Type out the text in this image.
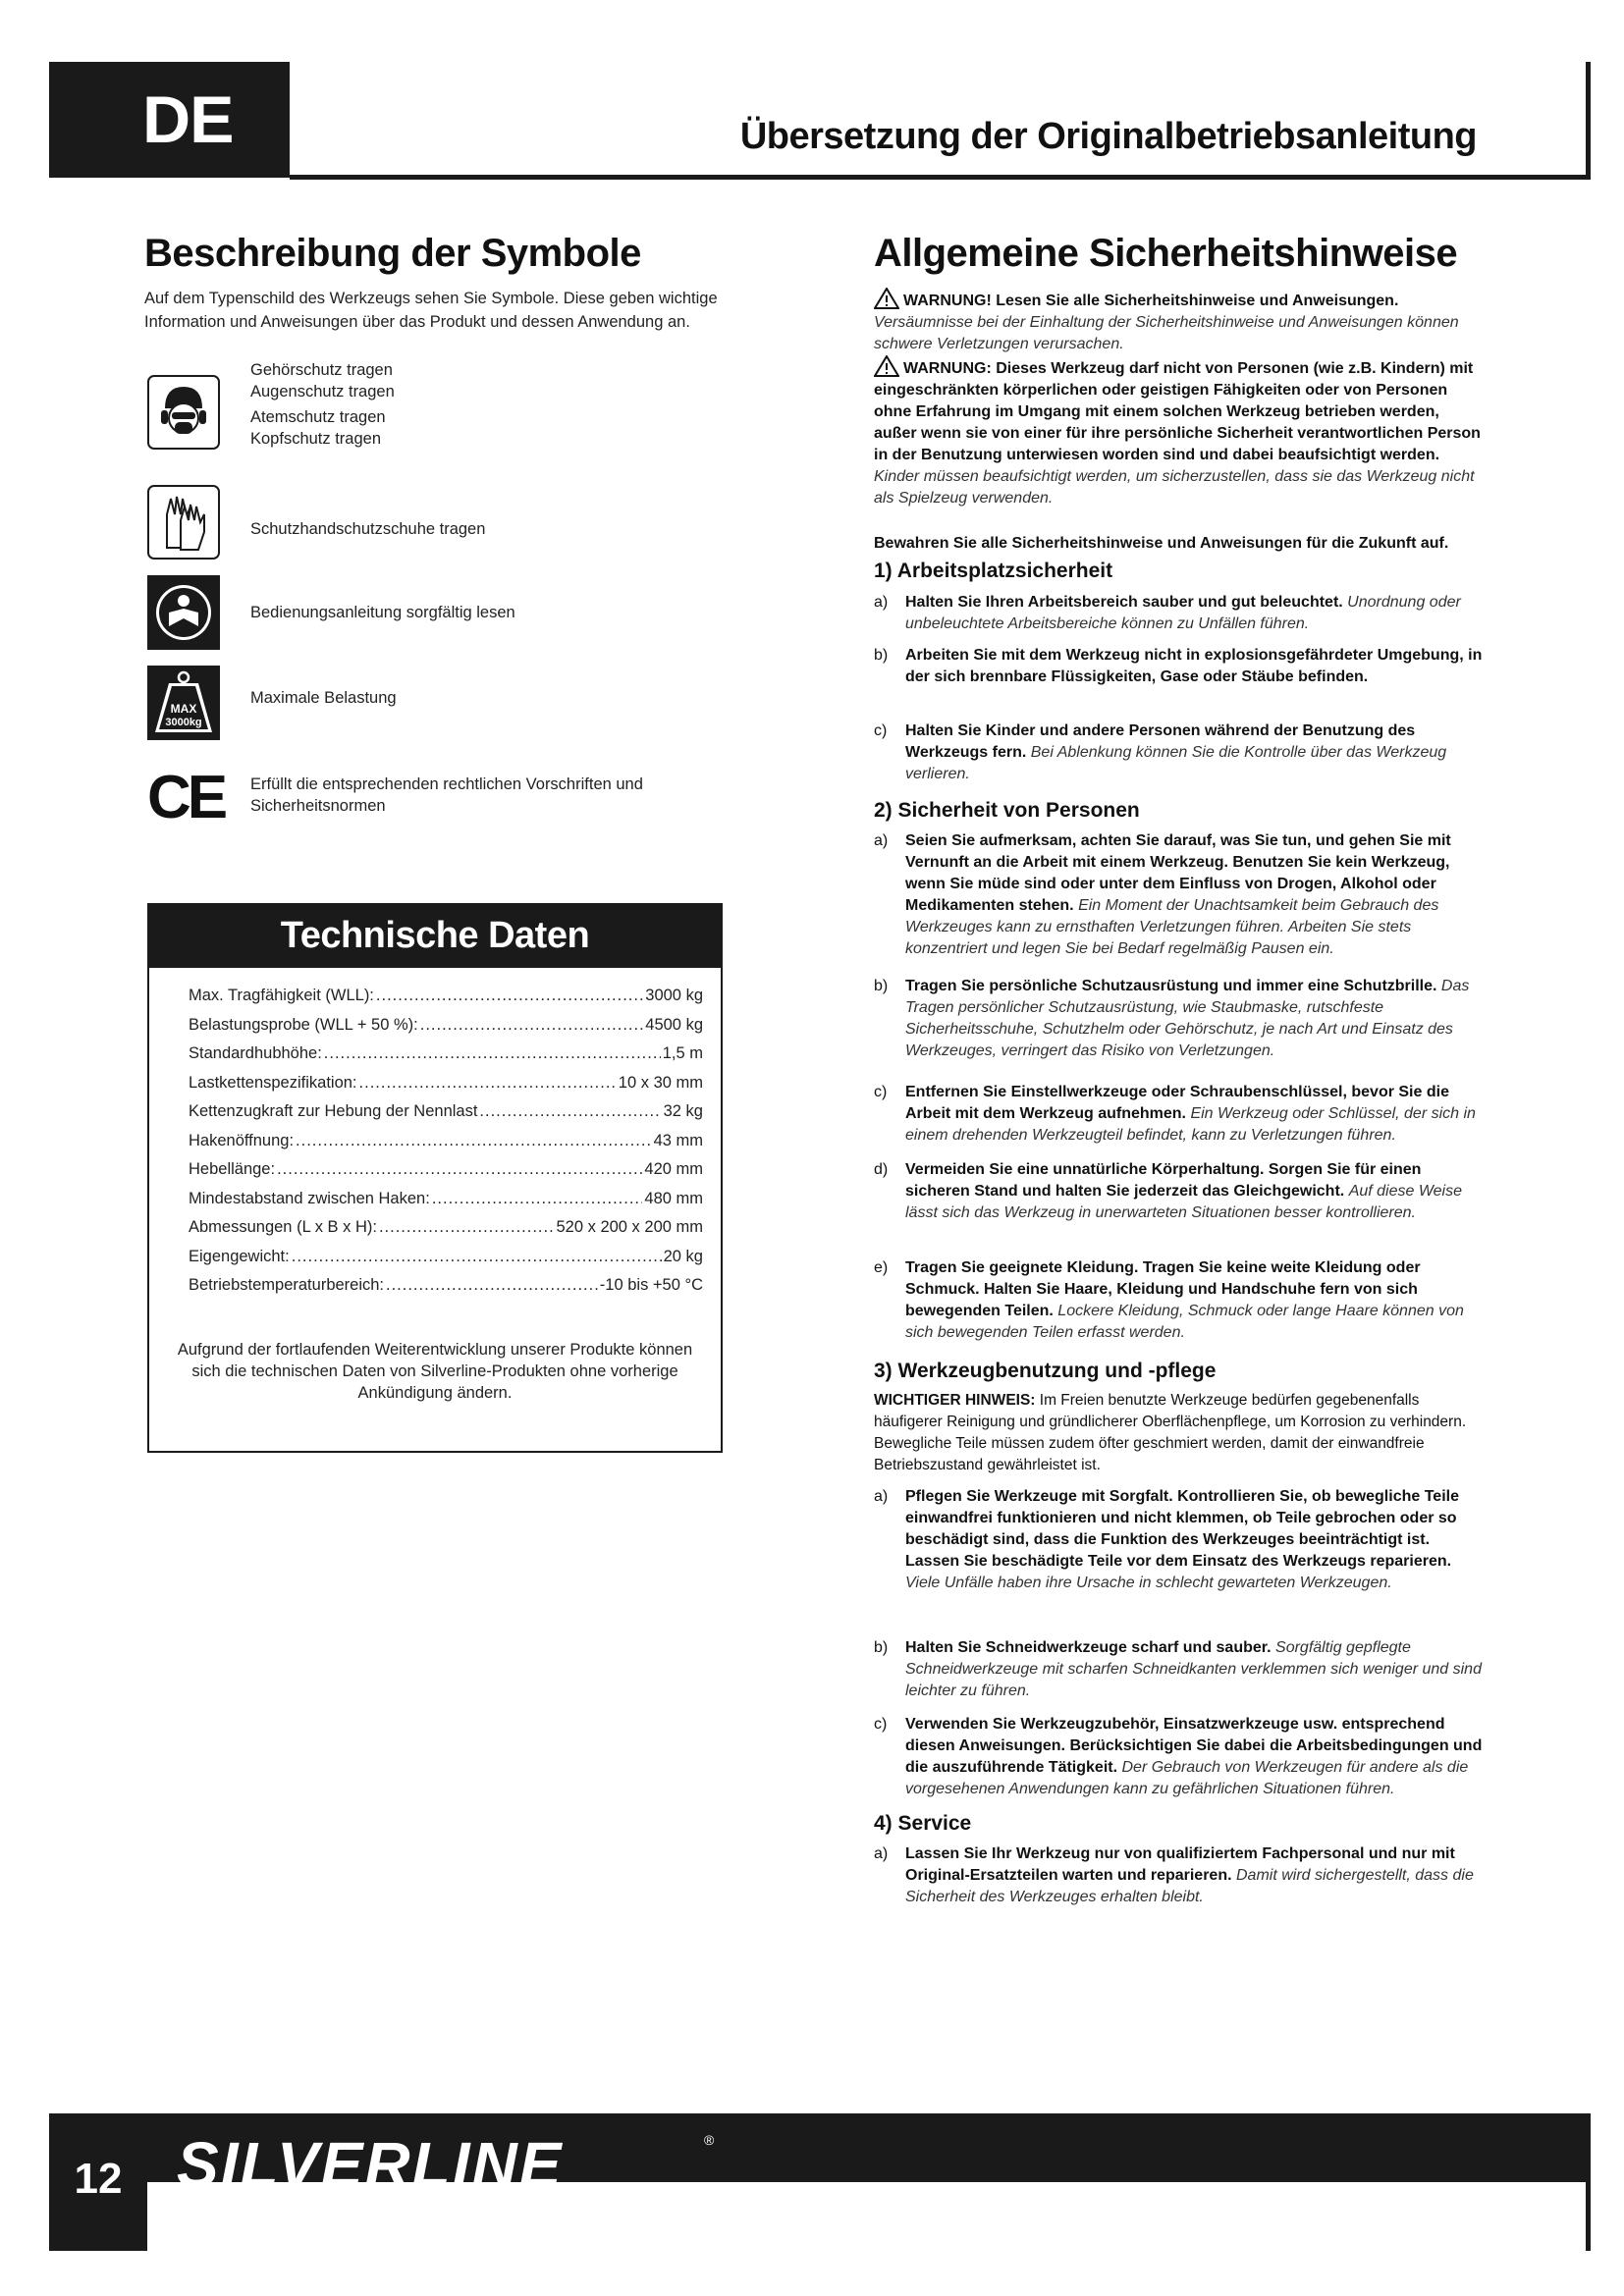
DE	Übersetzung der Originalbetriebsanleitung
Beschreibung der Symbole
Auf dem Typenschild des Werkzeugs sehen Sie Symbole. Diese geben wichtige Information und Anweisungen über das Produkt und dessen Anwendung an.
Gehörschutz tragen
Augenschutz tragen
Atemschutz tragen
Kopfschutz tragen
Schutzhandschutzschuhe tragen
Bedienungsanleitung sorgfältig lesen
MAX
3000kg
Maximale Belastung
CE Erfüllt die entsprechenden rechtlichen Vorschriften und Sicherheitsnormen
Technische Daten
Max. Tragfähigkeit (WLL): .....	3000 kg
Belastungsprobe (WLL + 50 %): .....	4500 kg
Standardhubhöhe: .....	1,5 m
Lastkettenspezifikation: .....	10 x 30 mm
Kettenzugkraft zur Hebung der Nennlast .....	32 kg
Hakenöffnung: .....	43 mm
Hebellänge: .....	420 mm
Mindestabstand zwischen Haken: .....	480 mm
Abmessungen (L x B x H): .....	520 x 200 x 200 mm
Eigengewicht: .....	20 kg
Betriebstemperaturbereich: .....	-10 bis +50 °C
Aufgrund der fortlaufenden Weiterentwicklung unserer Produkte können sich die technischen Daten von Silverline-Produkten ohne vorherige Ankündigung ändern.
Allgemeine Sicherheitshinweise
WARNUNG! Lesen Sie alle Sicherheitshinweise und Anweisungen.
Versäumnisse bei der Einhaltung der Sicherheitshinweise und Anweisungen können schwere Verletzungen verursachen.
WARNUNG: Dieses Werkzeug darf nicht von Personen (wie z.B. Kindern) mit eingeschränkten körperlichen oder geistigen Fähigkeiten oder von Personen ohne Erfahrung im Umgang mit einem solchen Werkzeug betrieben werden, außer wenn sie von einer für ihre persönliche Sicherheit verantwortlichen Person in der Benutzung unterwiesen worden sind und dabei beaufsichtigt werden. Kinder müssen beaufsichtigt werden, um sicherzustellen, dass sie das Werkzeug nicht als Spielzeug verwenden.
Bewahren Sie alle Sicherheitshinweise und Anweisungen für die Zukunft auf.
1) Arbeitsplatzsicherheit
a) Halten Sie Ihren Arbeitsbereich sauber und gut beleuchtet. Unordnung oder unbeleuchtete Arbeitsbereiche können zu Unfällen führen.
b) Arbeiten Sie mit dem Werkzeug nicht in explosionsgefährdeter Umgebung, in der sich brennbare Flüssigkeiten, Gase oder Stäube befinden.
c) Halten Sie Kinder und andere Personen während der Benutzung des Werkzeugs fern. Bei Ablenkung können Sie die Kontrolle über das Werkzeug verlieren.
2) Sicherheit von Personen
a) Seien Sie aufmerksam, achten Sie darauf, was Sie tun, und gehen Sie mit Vernunft an die Arbeit mit einem Werkzeug. Benutzen Sie kein Werkzeug, wenn Sie müde sind oder unter dem Einfluss von Drogen, Alkohol oder Medikamenten stehen. Ein Moment der Unachtsamkeit beim Gebrauch des Werkzeuges kann zu ernsthaften Verletzungen führen. Arbeiten Sie stets konzentriert und legen Sie bei Bedarf regelmäßig Pausen ein.
b) Tragen Sie persönliche Schutzausrüstung und immer eine Schutzbrille. Das Tragen persönlicher Schutzausrüstung, wie Staubmaske, rutschfeste Sicherheitsschuhe, Schutzhelm oder Gehörschutz, je nach Art und Einsatz des Werkzeuges, verringert das Risiko von Verletzungen.
c) Entfernen Sie Einstellwerkzeuge oder Schraubenschlüssel, bevor Sie die Arbeit mit dem Werkzeug aufnehmen. Ein Werkzeug oder Schlüssel, der sich in einem drehenden Werkzeugteil befindet, kann zu Verletzungen führen.
d) Vermeiden Sie eine unnatürliche Körperhaltung. Sorgen Sie für einen sicheren Stand und halten Sie jederzeit das Gleichgewicht. Auf diese Weise lässt sich das Werkzeug in unerwarteten Situationen besser kontrollieren.
e) Tragen Sie geeignete Kleidung. Tragen Sie keine weite Kleidung oder Schmuck. Halten Sie Haare, Kleidung und Handschuhe fern von sich bewegenden Teilen. Lockere Kleidung, Schmuck oder lange Haare können von sich bewegenden Teilen erfasst werden.
3) Werkzeugbenutzung und -pflege
WICHTIGER HINWEIS: Im Freien benutzte Werkzeuge bedürfen gegebenenfalls häufigerer Reinigung und gründlicherer Oberflächenpflege, um Korrosion zu verhindern. Bewegliche Teile müssen zudem öfter geschmiert werden, damit der einwandfreie Betriebszustand gewährleistet ist.
a) Pflegen Sie Werkzeuge mit Sorgfalt. Kontrollieren Sie, ob bewegliche Teile einwandfrei funktionieren und nicht klemmen, ob Teile gebrochen oder so beschädigt sind, dass die Funktion des Werkzeuges beeinträchtigt ist. Lassen Sie beschädigte Teile vor dem Einsatz des Werkzeugs reparieren. Viele Unfälle haben ihre Ursache in schlecht gewarteten Werkzeugen.
b) Halten Sie Schneidwerkzeuge scharf und sauber. Sorgfältig gepflegte Schneidwerkzeuge mit scharfen Schneidkanten verklemmen sich weniger und sind leichter zu führen.
c) Verwenden Sie Werkzeugzubehör, Einsatzwerkzeuge usw. entsprechend diesen Anweisungen. Berücksichtigen Sie dabei die Arbeitsbedingungen und die auszuführende Tätigkeit. Der Gebrauch von Werkzeugen für andere als die vorgesehenen Anwendungen kann zu gefährlichen Situationen führen.
4) Service
a) Lassen Sie Ihr Werkzeug nur von qualifiziertem Fachpersonal und nur mit Original-Ersatzteilen warten und reparieren. Damit wird sichergestellt, dass die Sicherheit des Werkzeuges erhalten bleibt.
12 SILVERLINE	®
